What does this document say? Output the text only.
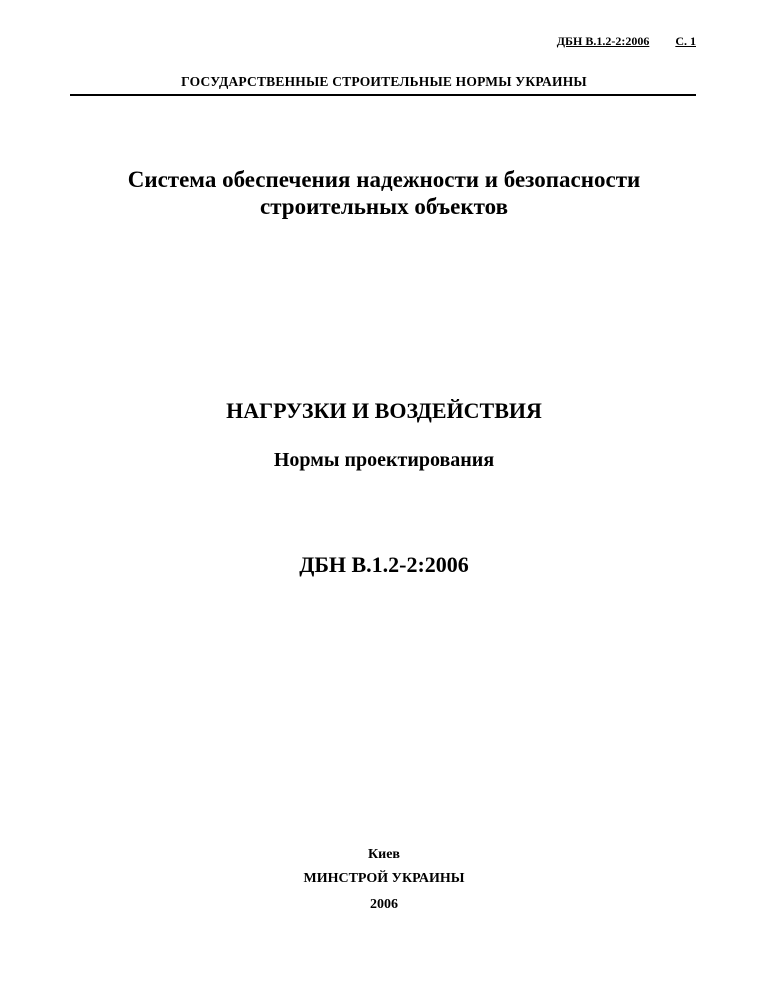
ДБН В.1.2-2:2006 С. 1
ГОСУДАРСТВЕННЫЕ СТРОИТЕЛЬНЫЕ НОРМЫ УКРАИНЫ
Система обеспечения надежности и безопасности
строительных объектов
НАГРУЗКИ И ВОЗДЕЙСТВИЯ
Нормы проектирования
ДБН В.1.2-2:2006
Киев
МИНСТРОЙ УКРАИНЫ
2006
